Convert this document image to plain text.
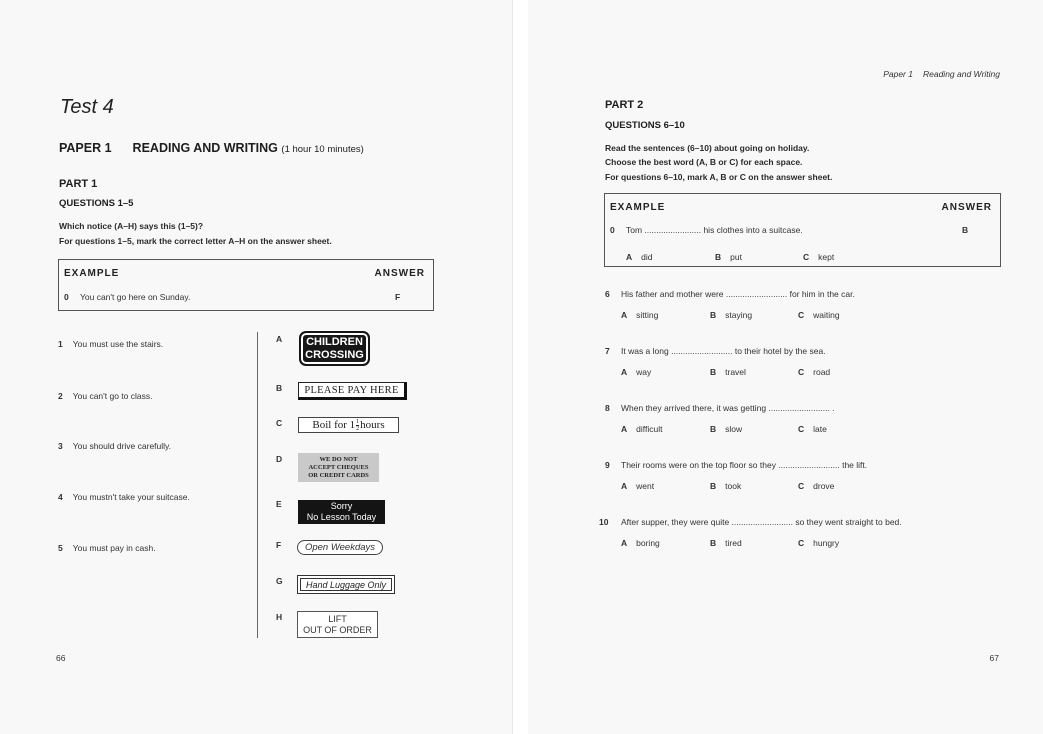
Test 4
PAPER 1 READING AND WRITING (1 hour 10 minutes)
PART 1
QUESTIONS 1–5
Which notice (A–H) says this (1–5)?
For questions 1–5, mark the correct letter A–H on the answer sheet.
EXAMPLE	ANSWER
0 You can't go here on Sunday.	F
1 You must use the stairs.
2 You can't go to class.
3 You should drive carefully.
4 You mustn't take your suitcase.
5 You must pay in cash.
A CHILDREN
CROSSING
B	PLEASE PAY HERE
C	Boil for 1 1
2 hours
D	WE DO NOT
ACCEPT CHEQUES
OR CREDIT CARDS
E	Sorry
No Lesson Today
F	Open Weekdays
G	Hand Luggage Only
H	LIFT
OUT OF ORDER
66
Paper 1 Reading and Writing
PART 2
QUESTIONS 6–10
Read the sentences (6–10) about going on holiday.
Choose the best word (A, B or C) for each space.
For questions 6–10, mark A, B or C on the answer sheet.
EXAMPLE	ANSWER
0 Tom ........................ his clothes into a suitcase.	B
A did	B put	C kept
6 His father and mother were .......................... for him in the car.
A sitting	B staying	C waiting
7 It was a long .......................... to their hotel by the sea.
A way	B travel	C road
8 When they arrived there, it was getting .......................... .
A difficult	B slow	C late
9 Their rooms were on the top floor so they .......................... the lift.
A went	B took	C drove
10 After supper, they were quite .......................... so they went straight to bed.
A boring	B tired	C hungry
67
